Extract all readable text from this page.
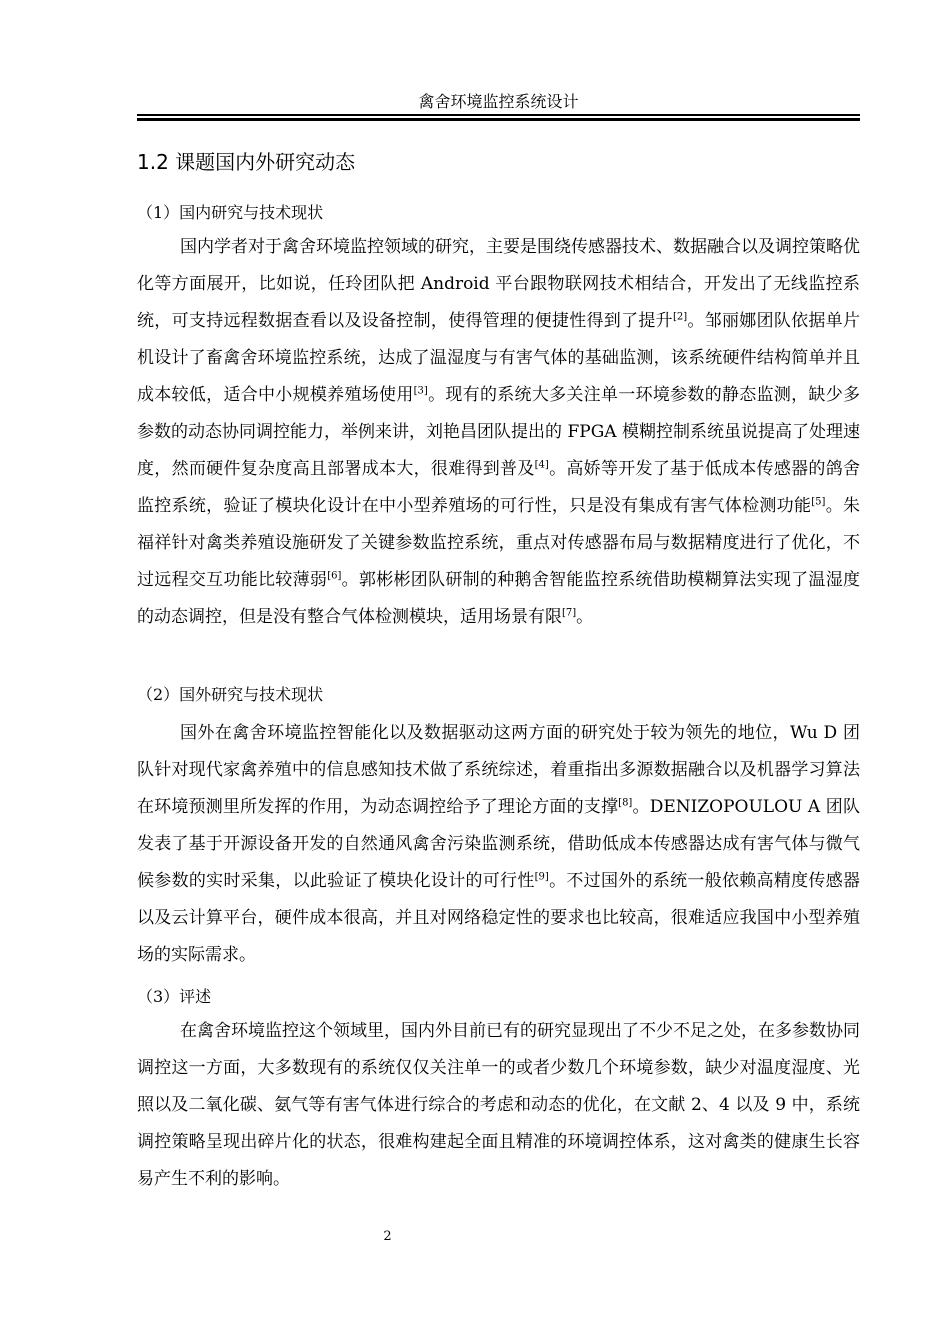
禽舍环境监控系统设计
1.2 课题国内外研究动态
（1）国内研究与技术现状
国内学者对于禽舍环境监控领域的研究，主要是围绕传感器技术、数据融合以及调控策略优化等方面展开，比如说，任玲团队把 Android 平台跟物联网技术相结合，开发出了无线监控系统，可支持远程数据查看以及设备控制，使得管理的便捷性得到了提升[2]。邹丽娜团队依据单片机设计了畜禽舍环境监控系统，达成了温湿度与有害气体的基础监测，该系统硬件结构简单并且成本较低，适合中小规模养殖场使用[3]。现有的系统大多关注单一环境参数的静态监测，缺少多参数的动态协同调控能力，举例来讲，刘艳昌团队提出的 FPGA 模糊控制系统虽说提高了处理速度，然而硬件复杂度高且部署成本大，很难得到普及[4]。高娇等开发了基于低成本传感器的鸽舍监控系统，验证了模块化设计在中小型养殖场的可行性，只是没有集成有害气体检测功能[5]。朱福祥针对禽类养殖设施研发了关键参数监控系统，重点对传感器布局与数据精度进行了优化，不过远程交互功能比较薄弱[6]。郭彬彬团队研制的种鹅舍智能监控系统借助模糊算法实现了温湿度的动态调控，但是没有整合气体检测模块，适用场景有限[7]。
（2）国外研究与技术现状
国外在禽舍环境监控智能化以及数据驱动这两方面的研究处于较为领先的地位，Wu D 团队针对现代家禽养殖中的信息感知技术做了系统综述，着重指出多源数据融合以及机器学习算法在环境预测里所发挥的作用，为动态调控给予了理论方面的支撑[8]。DENIZOPOULOU A 团队发表了基于开源设备开发的自然通风禽舍污染监测系统，借助低成本传感器达成有害气体与微气候参数的实时采集，以此验证了模块化设计的可行性[9]。不过国外的系统一般依赖高精度传感器以及云计算平台，硬件成本很高，并且对网络稳定性的要求也比较高，很难适应我国中小型养殖场的实际需求。
（3）评述
在禽舍环境监控这个领域里，国内外目前已有的研究显现出了不少不足之处，在多参数协同调控这一方面，大多数现有的系统仅仅关注单一的或者少数几个环境参数，缺少对温度湿度、光照以及二氧化碳、氨气等有害气体进行综合的考虑和动态的优化，在文献 2、4 以及 9 中，系统调控策略呈现出碎片化的状态，很难构建起全面且精准的环境调控体系，这对禽类的健康生长容易产生不利的影响。
2
